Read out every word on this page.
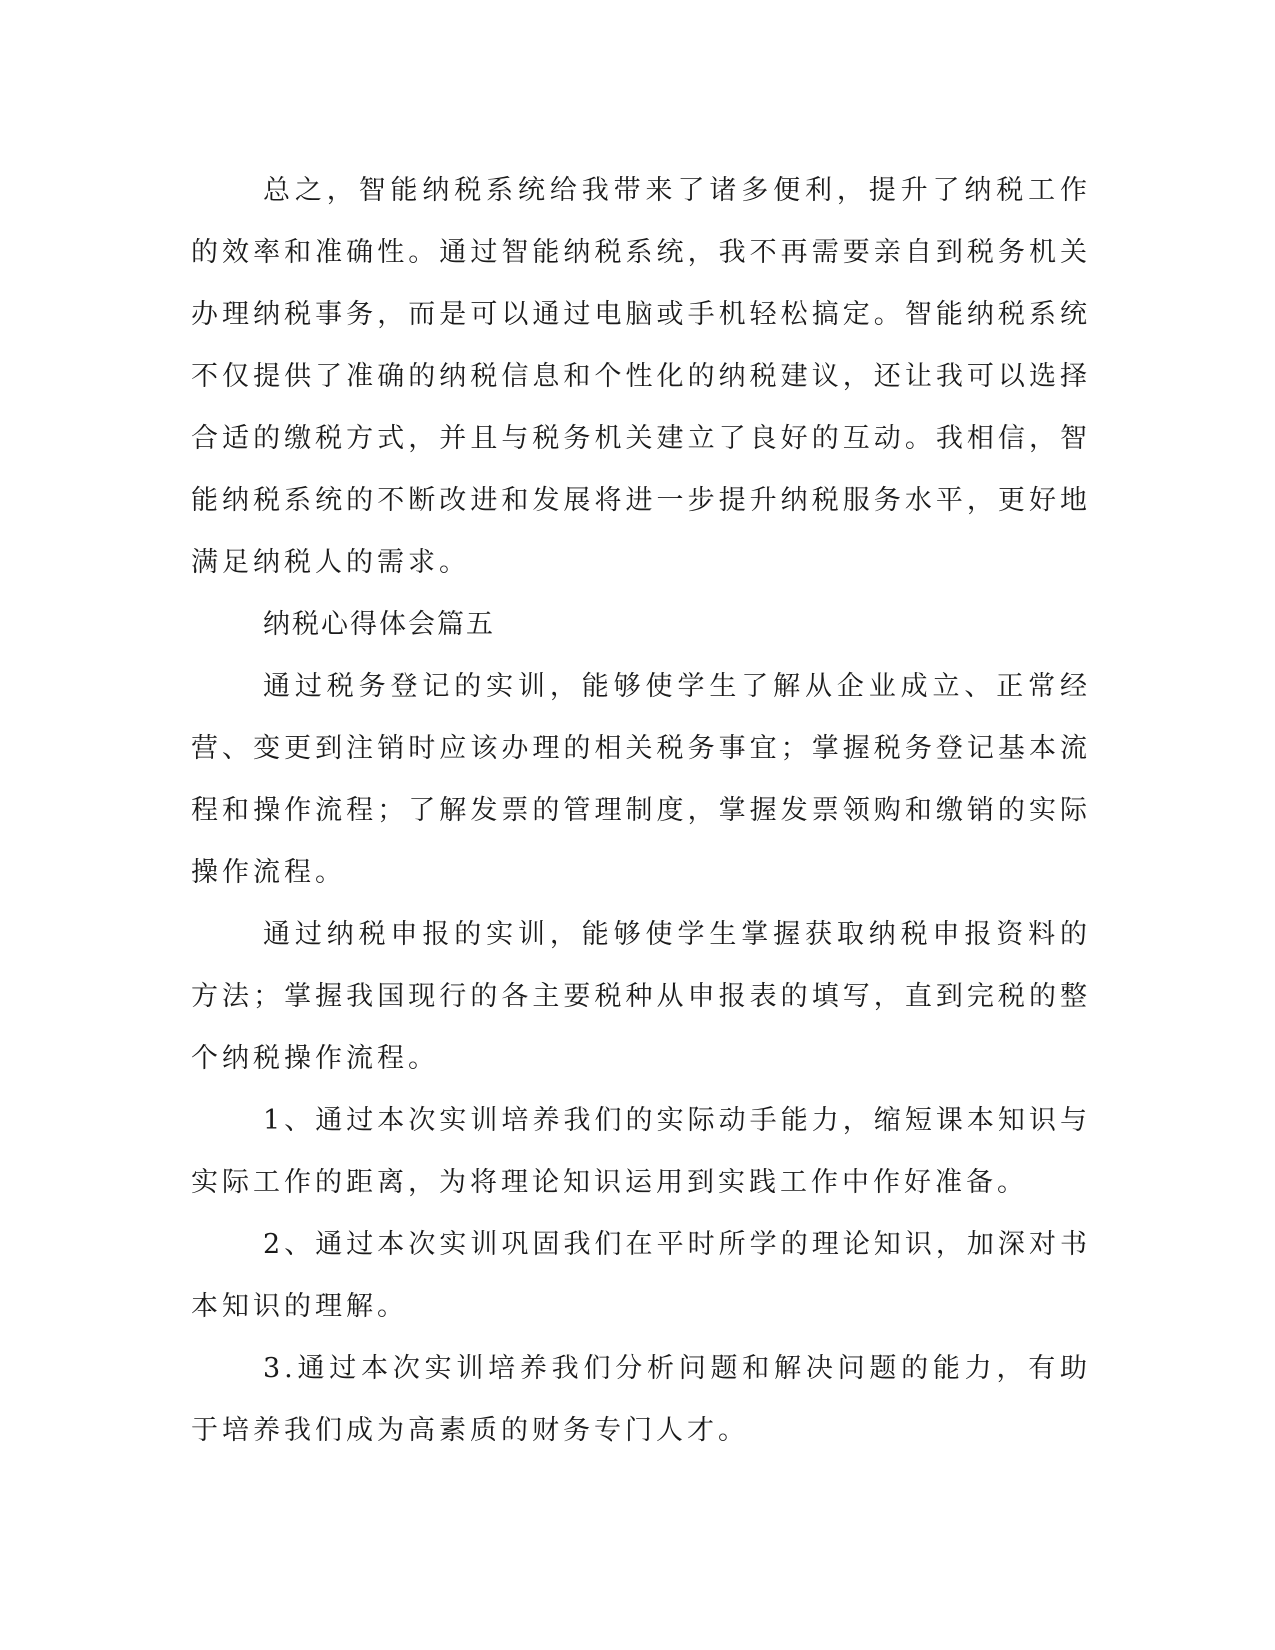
总之，智能纳税系统给我带来了诸多便利，提升了纳税工作的效率和准确性。通过智能纳税系统，我不再需要亲自到税务机关办理纳税事务，而是可以通过电脑或手机轻松搞定。智能纳税系统不仅提供了准确的纳税信息和个性化的纳税建议，还让我可以选择合适的缴税方式，并且与税务机关建立了良好的互动。我相信，智能纳税系统的不断改进和发展将进一步提升纳税服务水平，更好地满足纳税人的需求。

纳税心得体会篇五

通过税务登记的实训，能够使学生了解从企业成立、正常经营、变更到注销时应该办理的相关税务事宜；掌握税务登记基本流程和操作流程；了解发票的管理制度，掌握发票领购和缴销的实际操作流程。

通过纳税申报的实训，能够使学生掌握获取纳税申报资料的方法；掌握我国现行的各主要税种从申报表的填写，直到完税的整个纳税操作流程。

1、通过本次实训培养我们的实际动手能力，缩短课本知识与实际工作的距离，为将理论知识运用到实践工作中作好准备。

2、通过本次实训巩固我们在平时所学的理论知识，加深对书本知识的理解。

3.通过本次实训培养我们分析问题和解决问题的能力，有助于培养我们成为高素质的财务专门人才。
